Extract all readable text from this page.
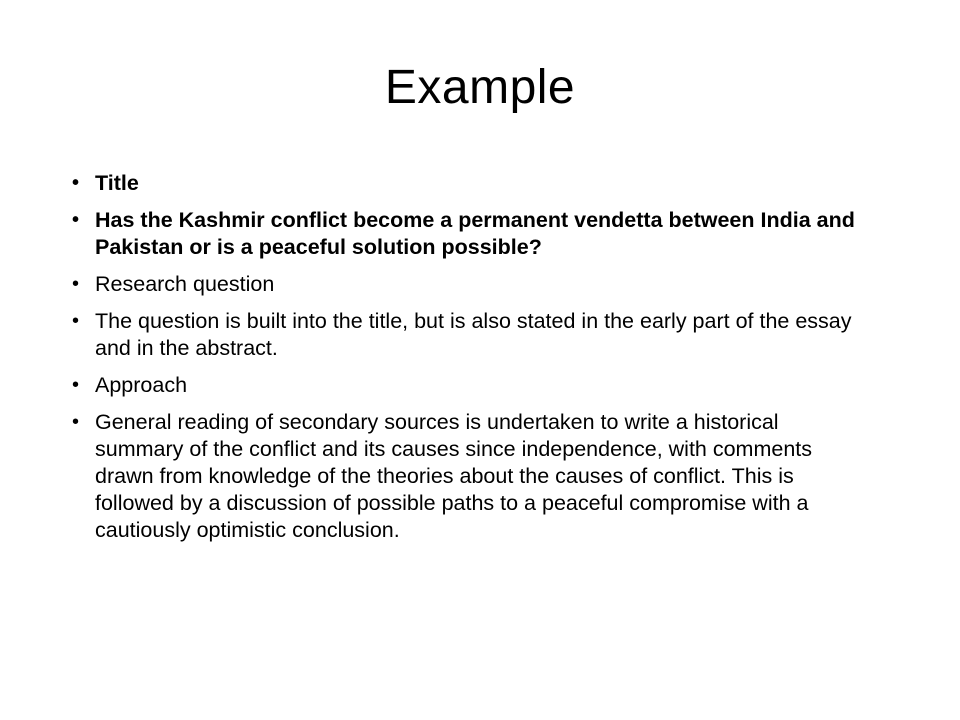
Example
• Title
• Has the Kashmir conflict become a permanent vendetta between India and Pakistan or is a peaceful solution possible?
• Research question
• The question is built into the title, but is also stated in the early part of the essay and in the abstract.
• Approach
• General reading of secondary sources is undertaken to write a historical summary of the conflict and its causes since independence, with comments drawn from knowledge of the theories about the causes of conflict. This is followed by a discussion of possible paths to a peaceful compromise with a cautiously optimistic conclusion.
